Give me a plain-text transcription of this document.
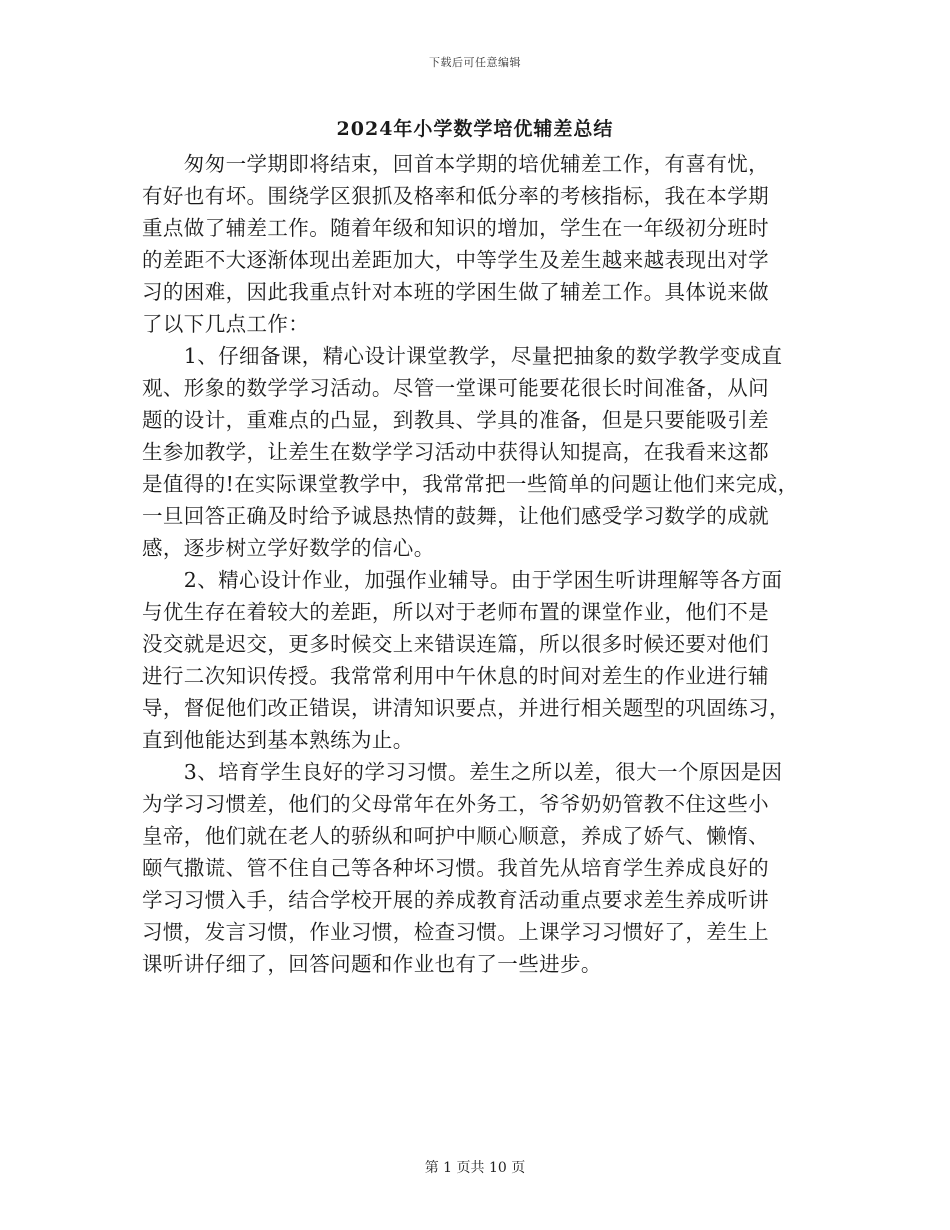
下载后可任意编辑
2024年小学数学培优辅差总结
　　匆匆一学期即将结束，回首本学期的培优辅差工作，有喜有忧，
有好也有坏。围绕学区狠抓及格率和低分率的考核指标，我在本学期
重点做了辅差工作。随着年级和知识的增加，学生在一年级初分班时
的差距不大逐渐体现出差距加大，中等学生及差生越来越表现出对学
习的困难，因此我重点针对本班的学困生做了辅差工作。具体说来做
了以下几点工作：
　　1、仔细备课，精心设计课堂教学，尽量把抽象的数学教学变成直
观、形象的数学学习活动。尽管一堂课可能要花很长时间准备，从问
题的设计，重难点的凸显，到教具、学具的准备，但是只要能吸引差
生参加教学，让差生在数学学习活动中获得认知提高，在我看来这都
是值得的!在实际课堂教学中，我常常把一些简单的问题让他们来完成，
一旦回答正确及时给予诚恳热情的鼓舞，让他们感受学习数学的成就
感，逐步树立学好数学的信心。
　　2、精心设计作业，加强作业辅导。由于学困生听讲理解等各方面
与优生存在着较大的差距，所以对于老师布置的课堂作业，他们不是
没交就是迟交，更多时候交上来错误连篇，所以很多时候还要对他们
进行二次知识传授。我常常利用中午休息的时间对差生的作业进行辅
导，督促他们改正错误，讲清知识要点，并进行相关题型的巩固练习，
直到他能达到基本熟练为止。
　　3、培育学生良好的学习习惯。差生之所以差，很大一个原因是因
为学习习惯差，他们的父母常年在外务工，爷爷奶奶管教不住这些小
皇帝，他们就在老人的骄纵和呵护中顺心顺意，养成了娇气、懒惰、
颐气撒谎、管不住自己等各种坏习惯。我首先从培育学生养成良好的
学习习惯入手，结合学校开展的养成教育活动重点要求差生养成听讲
习惯，发言习惯，作业习惯，检查习惯。上课学习习惯好了，差生上
课听讲仔细了，回答问题和作业也有了一些进步。
第 1 页共 10 页
